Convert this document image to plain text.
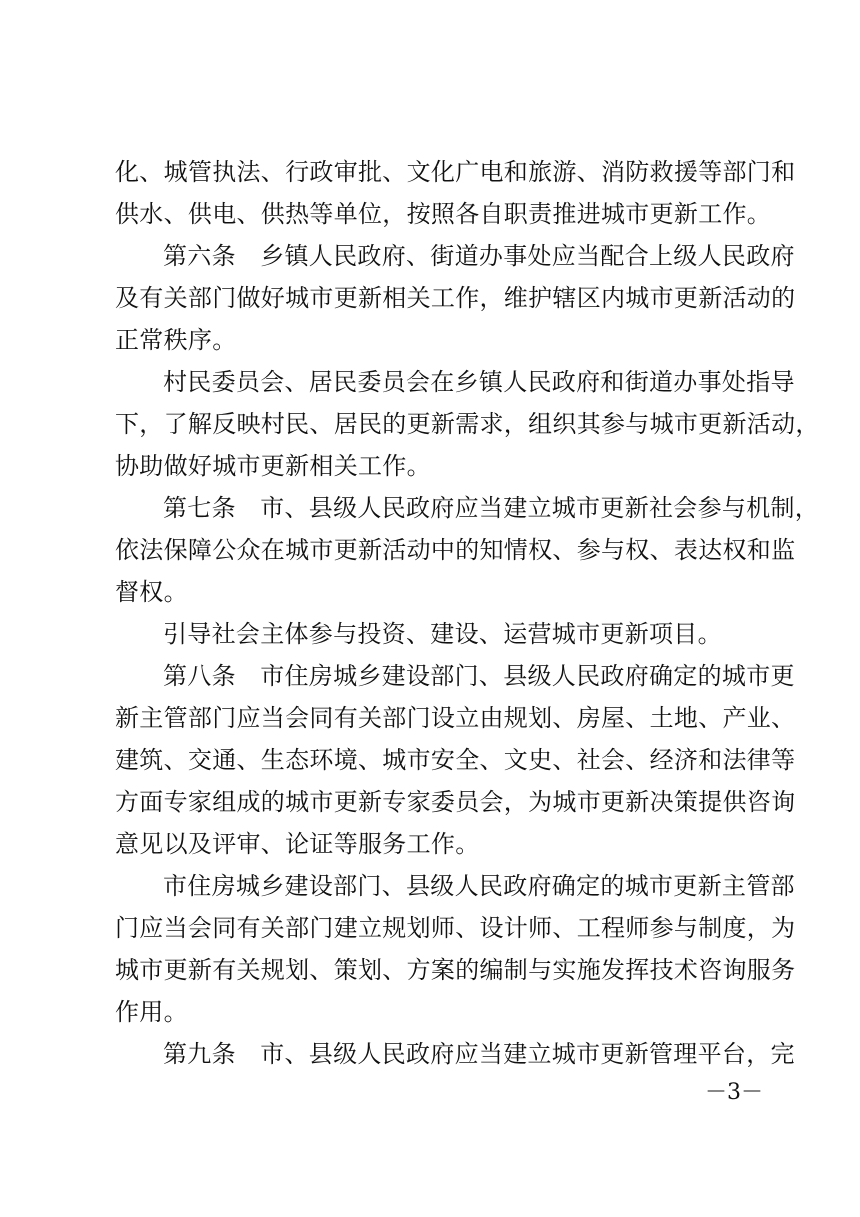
化、城管执法、行政审批、文化广电和旅游、消防救援等部门和
供水、供电、供热等单位，按照各自职责推进城市更新工作。
第六条　乡镇人民政府、街道办事处应当配合上级人民政府
及有关部门做好城市更新相关工作，维护辖区内城市更新活动的
正常秩序。
村民委员会、居民委员会在乡镇人民政府和街道办事处指导
下，了解反映村民、居民的更新需求，组织其参与城市更新活动，
协助做好城市更新相关工作。
第七条　市、县级人民政府应当建立城市更新社会参与机制，
依法保障公众在城市更新活动中的知情权、参与权、表达权和监
督权。
引导社会主体参与投资、建设、运营城市更新项目。
第八条　市住房城乡建设部门、县级人民政府确定的城市更
新主管部门应当会同有关部门设立由规划、房屋、土地、产业、
建筑、交通、生态环境、城市安全、文史、社会、经济和法律等
方面专家组成的城市更新专家委员会，为城市更新决策提供咨询
意见以及评审、论证等服务工作。
市住房城乡建设部门、县级人民政府确定的城市更新主管部
门应当会同有关部门建立规划师、设计师、工程师参与制度，为
城市更新有关规划、策划、方案的编制与实施发挥技术咨询服务
作用。
第九条　市、县级人民政府应当建立城市更新管理平台，完
－3－
